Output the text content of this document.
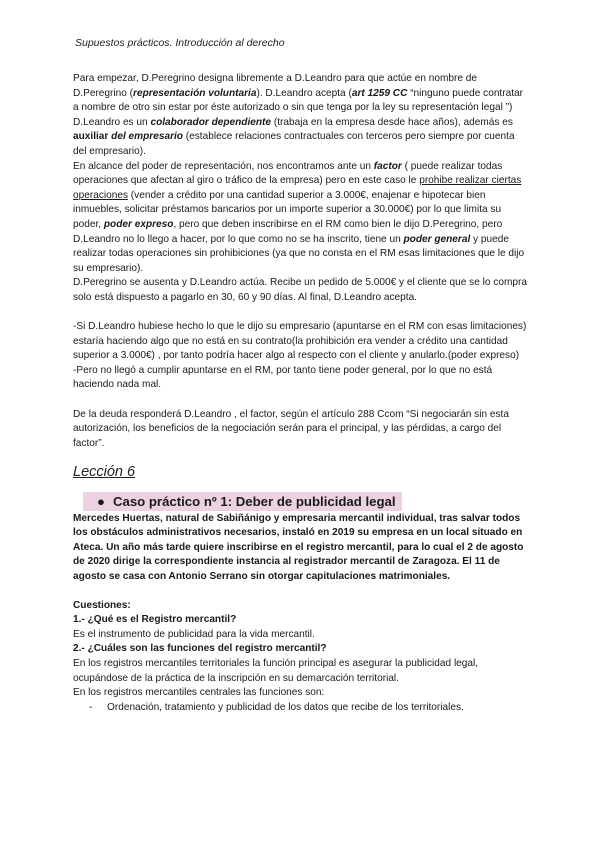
Supuestos prácticos. Introducción al derecho

Para empezar, D.Peregrino designa libremente a D.Leandro para que actúe en nombre de D.Peregrino (representación voluntaria). D.Leandro acepta (art 1259 CC “ninguno puede contratar a nombre de otro sin estar por éste autorizado o sin que tenga por la ley su representación legal ”)

D.Leandro es un colaborador dependiente (trabaja en la empresa desde hace años), además es auxiliar del empresario (establece relaciones contractuales con terceros pero siempre por cuenta del empresario).

En alcance del poder de representación, nos encontramos ante un factor ( puede realizar todas operaciones que afectan al giro o tráfico de la empresa) pero en este caso le prohibe realizar ciertas operaciones (vender a crédito por una cantidad superior a 3.000€, enajenar e hipotecar bien inmuebles, solicitar préstamos bancarios por un importe superior a 30.000€) por lo que limita su poder, poder expreso, pero que deben inscribirse en el RM como bien le dijo D.Peregrino, pero D.Leandro no lo llego a hacer, por lo que como no se ha inscrito, tiene un poder general y puede realizar todas operaciones sin prohibiciones (ya que no consta en el RM esas limitaciones que le dijo su empresario).

D.Peregrino se ausenta y D.Leandro actúa. Recibe un pedido de 5.000€ y el cliente que se lo compra solo está dispuesto a pagarlo en 30, 60 y 90 días. Al final, D.Leandro acepta.

-Si D.Leandro hubiese hecho lo que le dijo su empresario (apuntarse en el RM con esas limitaciones) estaría haciendo algo que no está en su contrato(la prohibición era vender a crédito una cantidad superior a 3.000€) , por tanto podría hacer algo al respecto con el cliente y anularlo.(poder expreso)

-Pero no llegó a cumplir apuntarse en el RM, por tanto tiene poder general, por lo que no está haciendo nada mal.

De la deuda responderá D.Leandro , el factor, según el artículo 288 Ccom “Si negociarán sin esta autorización, los beneficios de la negociación serán para el principal, y las pérdidas, a cargo del factor”.

Lección 6
● Caso práctico nº 1: Deber de publicidad legal

Mercedes Huertas, natural de Sabiñánigo y empresaria mercantil individual, tras salvar todos los obstáculos administrativos necesarios, instaló en 2019 su empresa en un local situado en Ateca. Un año más tarde quiere inscribirse en el registro mercantil, para lo cual el 2 de agosto de 2020 dirige la correspondiente instancia al registrador mercantil de Zaragoza. El 11 de agosto se casa con Antonio Serrano sin otorgar capitulaciones matrimoniales.

Cuestiones:

1.- ¿Qué es el Registro mercantil?

Es el instrumento de publicidad para la vida mercantil.

2.- ¿Cuáles son las funciones del registro mercantil?

En los registros mercantiles territoriales la función principal es asegurar la publicidad legal, ocupándose de la práctica de la inscripción en su demarcación territorial.

En los registros mercantiles centrales las funciones son:

-	Ordenación, tratamiento y publicidad de los datos que recibe de los territoriales.
